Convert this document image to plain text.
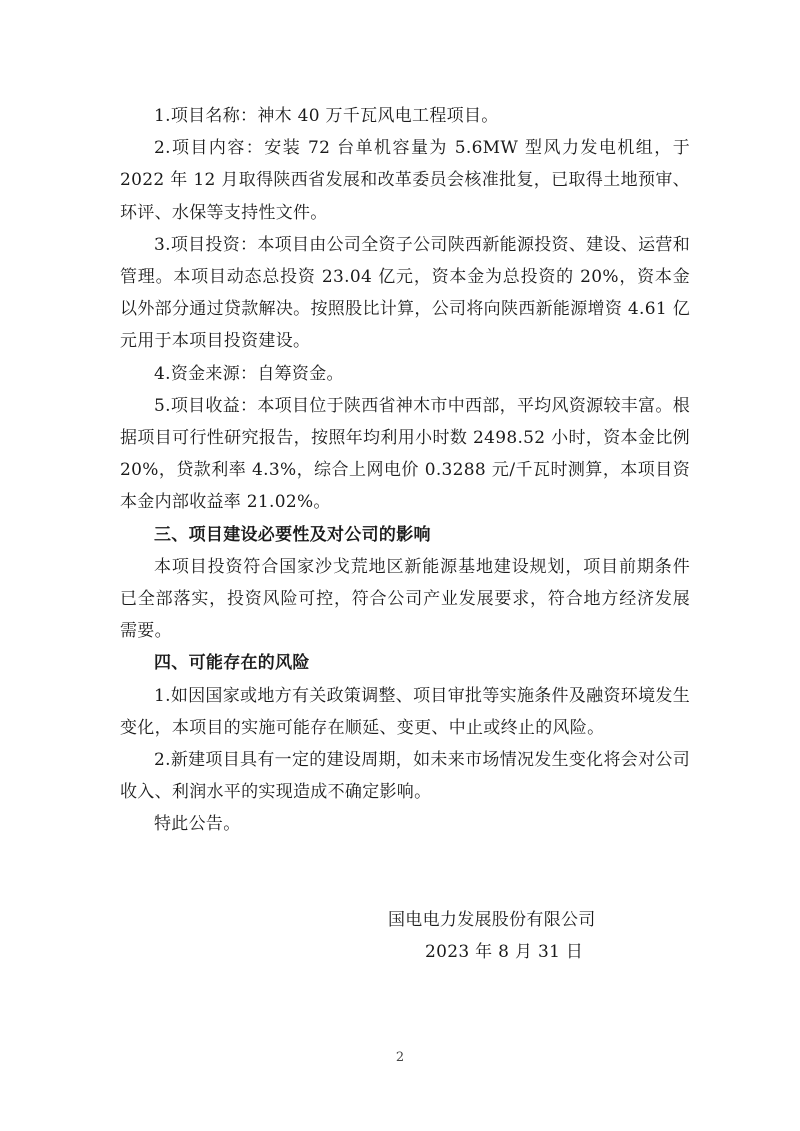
1.项目名称：神木 40 万千瓦风电工程项目。

2.项目内容：安装 72 台单机容量为 5.6MW 型风力发电机组，于 2022 年 12 月取得陕西省发展和改革委员会核准批复，已取得土地预审、环评、水保等支持性文件。

3.项目投资：本项目由公司全资子公司陕西新能源投资、建设、运营和管理。本项目动态总投资 23.04 亿元，资本金为总投资的 20%，资本金以外部分通过贷款解决。按照股比计算，公司将向陕西新能源增资 4.61 亿元用于本项目投资建设。

4.资金来源：自筹资金。

5.项目收益：本项目位于陕西省神木市中西部，平均风资源较丰富。根据项目可行性研究报告，按照年均利用小时数 2498.52 小时，资本金比例 20%，贷款利率 4.3%，综合上网电价 0.3288 元/千瓦时测算，本项目资本金内部收益率 21.02%。

三、项目建设必要性及对公司的影响

本项目投资符合国家沙戈荒地区新能源基地建设规划，项目前期条件已全部落实，投资风险可控，符合公司产业发展要求，符合地方经济发展需要。

四、可能存在的风险

1.如因国家或地方有关政策调整、项目审批等实施条件及融资环境发生变化，本项目的实施可能存在顺延、变更、中止或终止的风险。

2.新建项目具有一定的建设周期，如未来市场情况发生变化将会对公司收入、利润水平的实现造成不确定影响。

特此公告。

国电电力发展股份有限公司
2023 年 8 月 31 日
2
